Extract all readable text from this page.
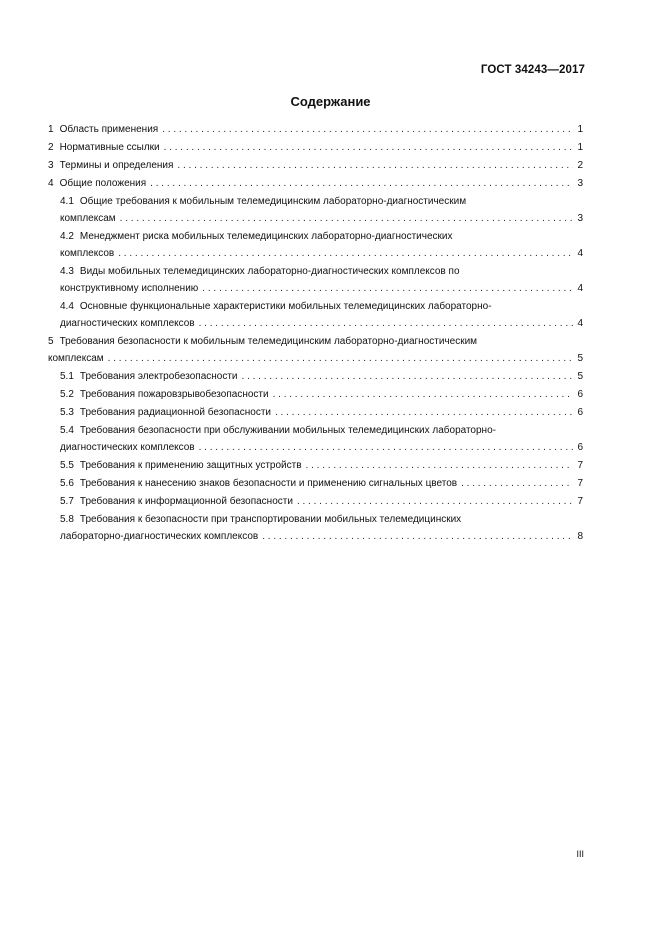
ГОСТ 34243—2017
Содержание
1 Область применения . . .	1
2 Нормативные ссылки . . .	1
3 Термины и определения . . .	2
4 Общие положения . . .	3
4.1 Общие требования к мобильным телемедицинским лабораторно-диагностическим
комплексам . . .	3
4.2 Менеджмент риска мобильных телемедицинских лабораторно-диагностических
комплексов . . .	4
4.3 Виды мобильных телемедицинских лабораторно-диагностических комплексов по
конструктивному исполнению . . .	4
4.4 Основные функциональные характеристики мобильных телемедицинских лабораторно-
диагностических комплексов . . .	4
5 Требования безопасности к мобильным телемедицинским лабораторно-диагностическим
комплексам . . .	5
5.1 Требования электробезопасности . . .	5
5.2 Требования пожаровзрывобезопасности . . .	6
5.3 Требования радиационной безопасности . . .	6
5.4 Требования безопасности при обслуживании мобильных телемедицинских лабораторно-
диагностических комплексов . . .	6
5.5 Требования к применению защитных устройств . . .	7
5.6 Требования к нанесению знаков безопасности и применению сигнальных цветов . . .	7
5.7 Требования к информационной безопасности . . .	7
5.8 Требования к безопасности при транспортировании мобильных телемедицинских
лабораторно-диагностических комплексов . . .	8
III
